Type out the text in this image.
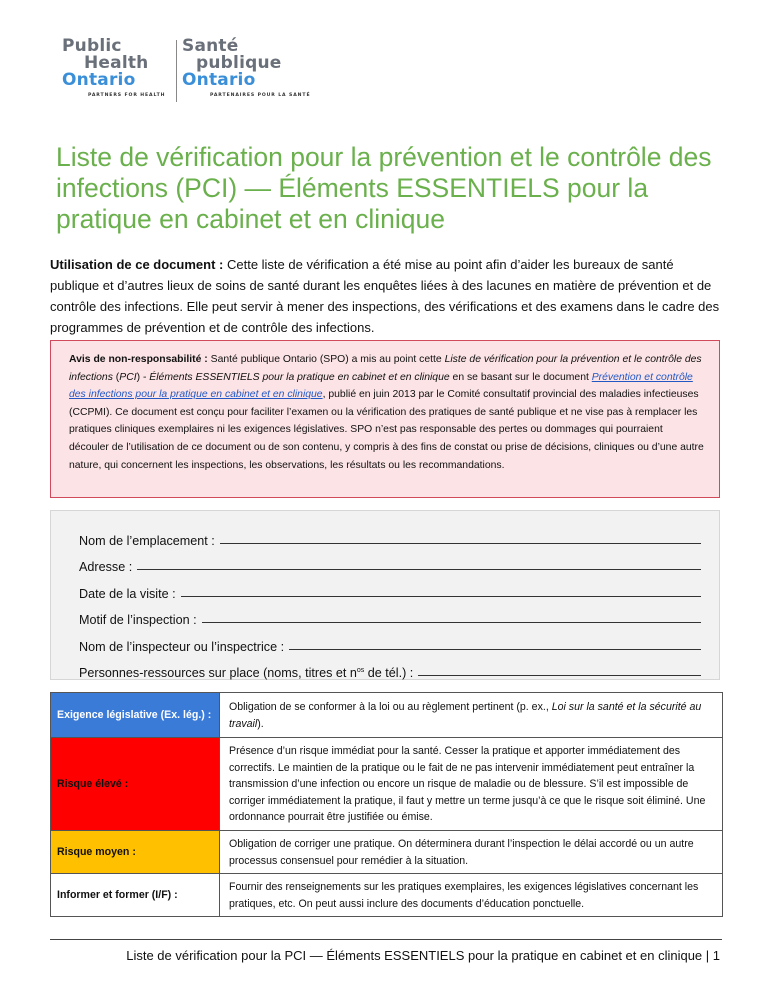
Public
Health
Ontario
PARTNERS FOR HEALTH
Santé
publique
Ontario
PARTENAIRES POUR LA SANTÉ
Liste de vérification pour la prévention et le contrôle des infections (PCI) — Éléments ESSENTIELS pour la pratique en cabinet et en clinique

Utilisation de ce document : Cette liste de vérification a été mise au point afin d’aider les bureaux de santé publique et d’autres lieux de soins de santé durant les enquêtes liées à des lacunes en matière de prévention et de contrôle des infections. Elle peut servir à mener des inspections, des vérifications et des examens dans le cadre des programmes de prévention et de contrôle des infections.

Avis de non-responsabilité : Santé publique Ontario (SPO) a mis au point cette Liste de vérification pour la prévention et le contrôle des infections (PCI) - Éléments ESSENTIELS pour la pratique en cabinet et en clinique en se basant sur le document Prévention et contrôle des infections pour la pratique en cabinet et en clinique, publié en juin 2013 par le Comité consultatif provincial des maladies infectieuses (CCPMI). Ce document est conçu pour faciliter l’examen ou la vérification des pratiques de santé publique et ne vise pas à remplacer les pratiques cliniques exemplaires ni les exigences législatives. SPO n’est pas responsable des pertes ou dommages qui pourraient découler de l’utilisation de ce document ou de son contenu, y compris à des fins de constat ou prise de décisions, cliniques ou d’une autre nature, qui concernent les inspections, les observations, les résultats ou les recommandations.
Nom de l’emplacement :
Adresse :
Date de la visite :
Motif de l’inspection :
Nom de l’inspecteur ou l’inspectrice :
Personnes-ressources sur place (noms, titres et $n^{os}$ de tél.) :
Exigence législative (Ex. lég.) :	Obligation de se conformer à la loi ou au règlement pertinent (p. ex., Loi sur la santé et la sécurité au travail).
Risque élevé :	Présence d’un risque immédiat pour la santé. Cesser la pratique et apporter immédiatement des correctifs. Le maintien de la pratique ou le fait de ne pas intervenir immédiatement peut entraîner la transmission d’une infection ou encore un risque de maladie ou de blessure. S’il est impossible de corriger immédiatement la pratique, il faut y mettre un terme jusqu’à ce que le risque soit éliminé. Une ordonnance pourrait être justifiée ou émise.
Risque moyen :	Obligation de corriger une pratique. On déterminera durant l’inspection le délai accordé ou un autre processus consensuel pour remédier à la situation.
Informer et former (I/F) :	Fournir des renseignements sur les pratiques exemplaires, les exigences législatives concernant les pratiques, etc. On peut aussi inclure des documents d’éducation ponctuelle.
Liste de vérification pour la PCI — Éléments ESSENTIELS pour la pratique en cabinet et en clinique | 1
